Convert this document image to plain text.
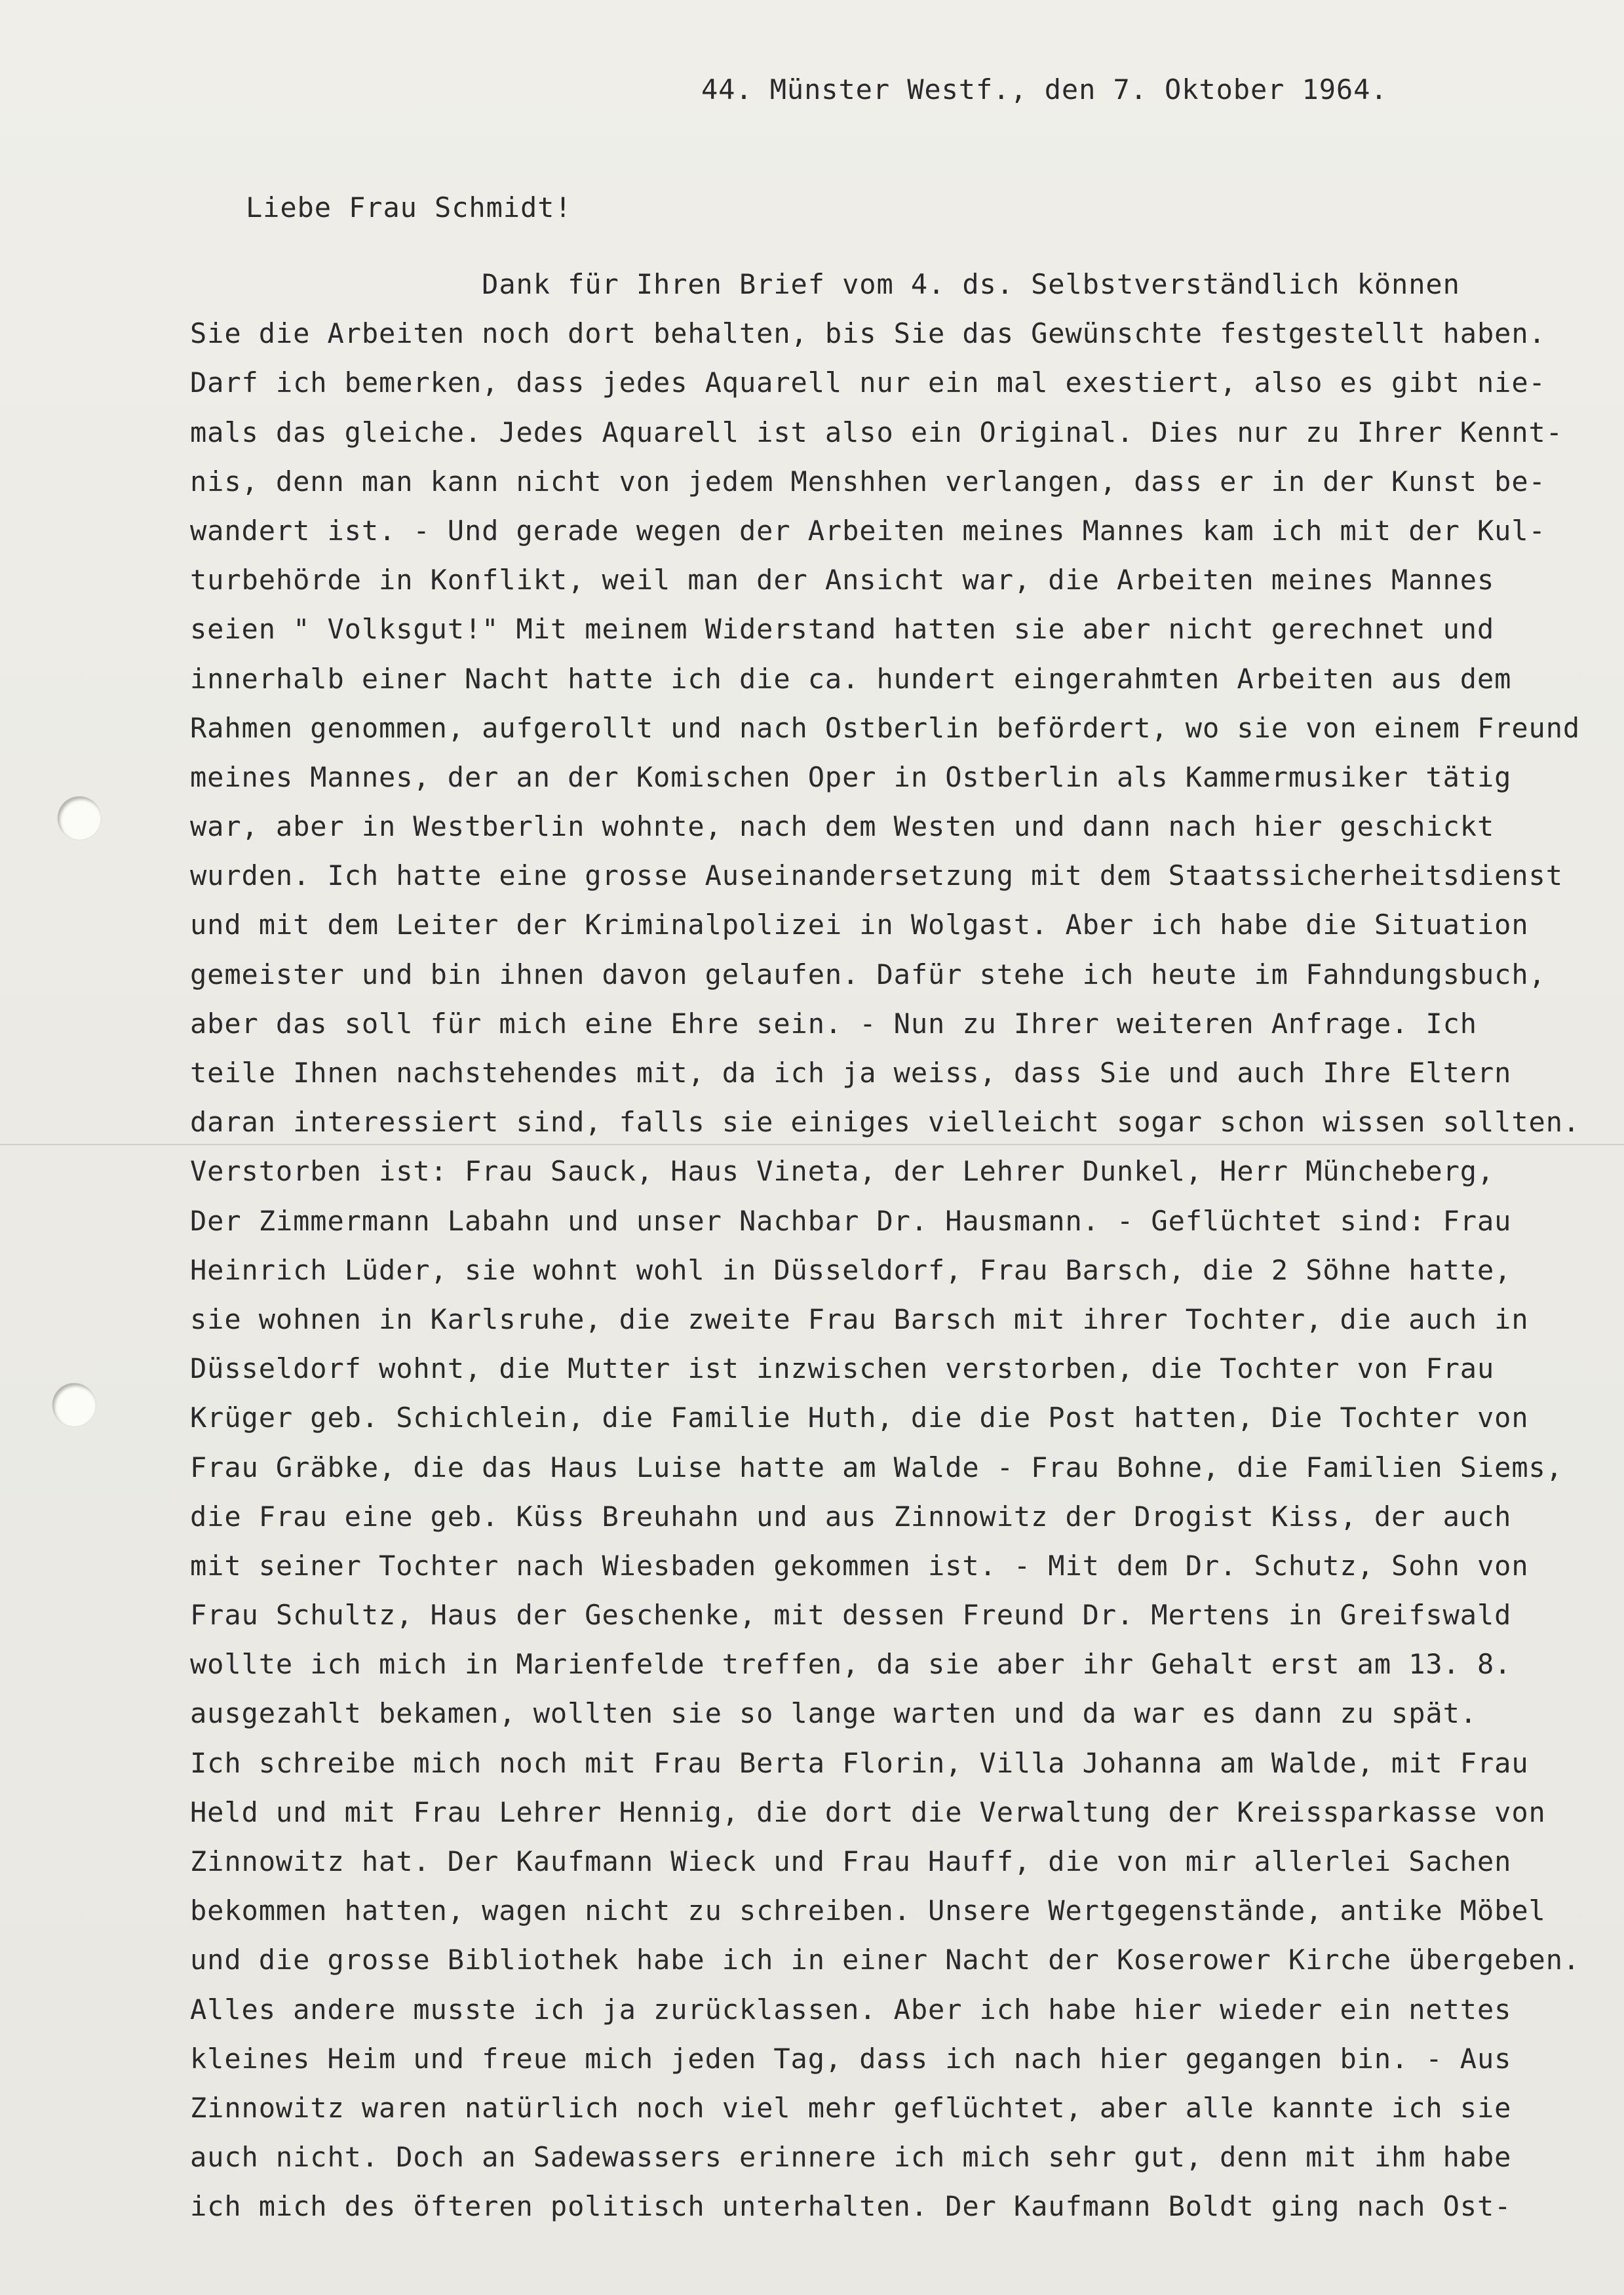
44. Münster Westf., den 7. Oktober 1964.
Liebe Frau Schmidt!
Dank für Ihren Brief vom 4. ds. Selbstverständlich können
Sie die Arbeiten noch dort behalten, bis Sie das Gewünschte festgestellt haben.
Darf ich bemerken, dass jedes Aquarell nur ein mal exestiert, also es gibt nie-
mals das gleiche. Jedes Aquarell ist also ein Original. Dies nur zu Ihrer Kennt-
nis, denn man kann nicht von jedem Menshhen verlangen, dass er in der Kunst be-
wandert ist. - Und gerade wegen der Arbeiten meines Mannes kam ich mit der Kul-
turbehörde in Konflikt, weil man der Ansicht war, die Arbeiten meines Mannes
seien " Volksgut!" Mit meinem Widerstand hatten sie aber nicht gerechnet und
innerhalb einer Nacht hatte ich die ca. hundert eingerahmten Arbeiten aus dem
Rahmen genommen, aufgerollt und nach Ostberlin befördert, wo sie von einem Freund
meines Mannes, der an der Komischen Oper in Ostberlin als Kammermusiker tätig
war, aber in Westberlin wohnte, nach dem Westen und dann nach hier geschickt
wurden. Ich hatte eine grosse Auseinandersetzung mit dem Staatssicherheitsdienst
und mit dem Leiter der Kriminalpolizei in Wolgast. Aber ich habe die Situation
gemeister und bin ihnen davon gelaufen. Dafür stehe ich heute im Fahndungsbuch,
aber das soll für mich eine Ehre sein. - Nun zu Ihrer weiteren Anfrage. Ich
teile Ihnen nachstehendes mit, da ich ja weiss, dass Sie und auch Ihre Eltern
daran interessiert sind, falls sie einiges vielleicht sogar schon wissen sollten.
Verstorben ist: Frau Sauck, Haus Vineta, der Lehrer Dunkel, Herr Müncheberg,
Der Zimmermann Labahn und unser Nachbar Dr. Hausmann. - Geflüchtet sind: Frau
Heinrich Lüder, sie wohnt wohl in Düsseldorf, Frau Barsch, die 2 Söhne hatte,
sie wohnen in Karlsruhe, die zweite Frau Barsch mit ihrer Tochter, die auch in
Düsseldorf wohnt, die Mutter ist inzwischen verstorben, die Tochter von Frau
Krüger geb. Schichlein, die Familie Huth, die die Post hatten, Die Tochter von
Frau Gräbke, die das Haus Luise hatte am Walde - Frau Bohne, die Familien Siems,
die Frau eine geb. Küss Breuhahn und aus Zinnowitz der Drogist Kiss, der auch
mit seiner Tochter nach Wiesbaden gekommen ist. - Mit dem Dr. Schutz, Sohn von
Frau Schultz, Haus der Geschenke, mit dessen Freund Dr. Mertens in Greifswald
wollte ich mich in Marienfelde treffen, da sie aber ihr Gehalt erst am 13. 8.
ausgezahlt bekamen, wollten sie so lange warten und da war es dann zu spät.
Ich schreibe mich noch mit Frau Berta Florin, Villa Johanna am Walde, mit Frau
Held und mit Frau Lehrer Hennig, die dort die Verwaltung der Kreissparkasse von
Zinnowitz hat. Der Kaufmann Wieck und Frau Hauff, die von mir allerlei Sachen
bekommen hatten, wagen nicht zu schreiben. Unsere Wertgegenstände, antike Möbel
und die grosse Bibliothek habe ich in einer Nacht der Koserower Kirche übergeben.
Alles andere musste ich ja zurücklassen. Aber ich habe hier wieder ein nettes
kleines Heim und freue mich jeden Tag, dass ich nach hier gegangen bin. - Aus
Zinnowitz waren natürlich noch viel mehr geflüchtet, aber alle kannte ich sie
auch nicht. Doch an Sadewassers erinnere ich mich sehr gut, denn mit ihm habe
ich mich des öfteren politisch unterhalten. Der Kaufmann Boldt ging nach Ost-
